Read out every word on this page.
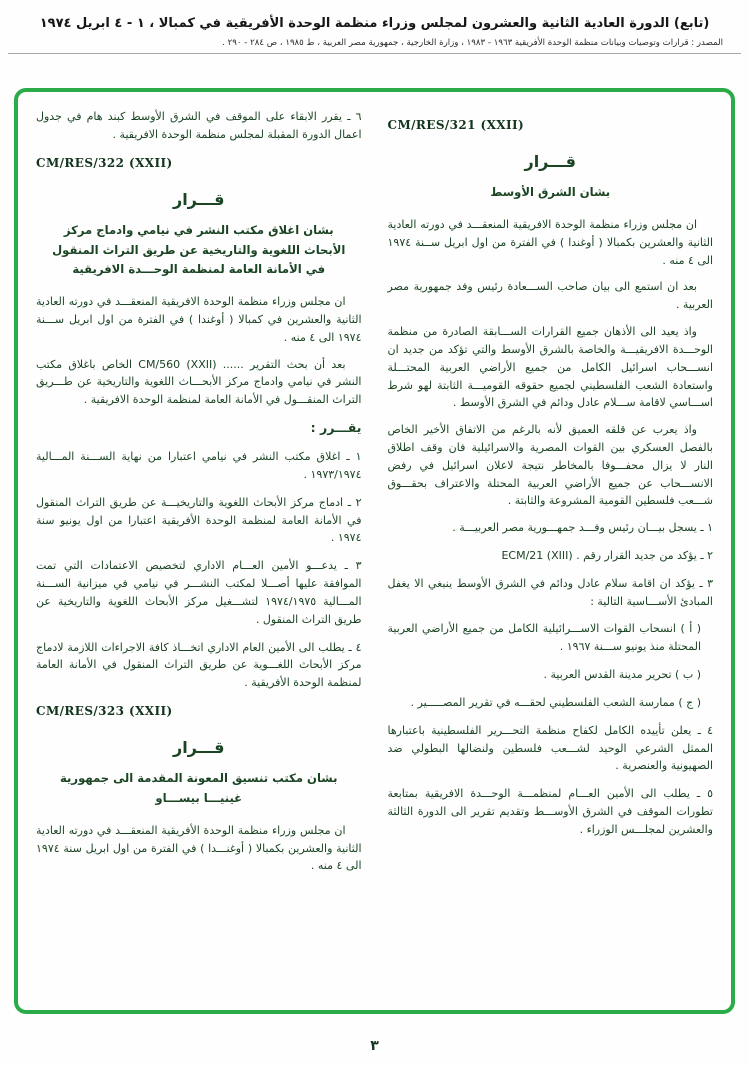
(تابع) الدورة العادية الثانية والعشرون لمجلس وزراء منظمة الوحدة الأفريقية في كمبالا ، ١ - ٤ ابريل ١٩٧٤
المصدر : قرارات وتوصيات وبيانات منظمة الوحدة الأفريقية ١٩٦٣ - ١٩٨٣ ، وزارة الخارجية ، جمهورية مصر العربية ، ط ١٩٨٥ ، ص ٢٨٤ - ٢٩٠ .
CM/RES/321 (XXII)
قـــرار
بشان الشرق الأوسط
ان مجلس وزراء منظمة الوحدة الافريقية المنعقـــد في دورته العادية الثانية والعشرين بكمبالا ( أوغندا ) في الفترة من اول ابريل ســنة ١٩٧٤ الى ٤ منه .
بعد ان استمع الى بيان صاحب الســـعادة رئيس وفد جمهورية مصر العربية .
واذ يعيد الى الأذهان جميع القرارات الســـابقة الصادرة من منظمة الوحـــدة الافريقيـــة والخاصة بالشرق الأوسط والتي تؤكد من جديد ان انســـحاب اسرائيل الكامل من جميع الأراضي العربية المحتـــلة واستعادة الشعب الفلسطيني لجميع حقوقه القوميـــة الثابتة لهو شرط اســـاسي لاقامة ســـلام عادل ودائم في الشرق الأوسط .
واذ يعرب عن قلقه العميق لأنه بالرغم من الاتفاق الأخير الخاص بالفصل العسكري بين القوات المصرية والاسرائيلية فان وقف اطلاق النار لا يزال محفـــوفا بالمخاطر نتيجة لاعلان اسرائيل في رفض الانســـحاب عن جميع الأراضي العربية المحتلة والاعتراف بحقـــوق شـــعب فلسطين القومية المشروعة والثابتة .
١ ـ يسجل بيـــان رئيس وفـــد جمهـــورية مصر العربيـــة .
٢ ـ يؤكد من جديد القرار رقم . ECM/21 (XIII)
٣ ـ يؤكد ان اقامة سلام عادل ودائم في الشرق الأوسط ينبغي الا يغفل المبادئ الأســـاسية التالية :
( أ ) انسحاب القوات الاســـرائيلية الكامل من جميع الأراضي العربية المحتلة منذ يونيو ســـنة ١٩٦٧ .
( ب ) تحرير مدينة القدس العربية .
( ج ) ممارسة الشعب الفلسطيني لحقـــه في تقرير المصـــــير .
٤ ـ يعلن تأييده الكامل لكفاح منظمة التحـــرير الفلسطينية باعتبارها الممثل الشرعي الوحيد لشـــعب فلسطين ولنضالها البطولي ضد الصهيونية والعنصرية .
٥ ـ يطلب الى الأمين العـــام لمنظمـــة الوحـــدة الافريقية بمتابعة تطورات الموقف في الشرق الأوســـط وتقديم تقرير الى الدورة الثالثة والعشرين لمجلـــس الوزراء .
٦ ـ يقرر الابقاء على الموقف في الشرق الأوسط كبند هام في جدول اعمال الدورة المقبلة لمجلس منظمة الوحدة الافريقية .
CM/RES/322 (XXII)
قـــرار
بشان اغلاق مكتب النشر في نيامي وادماج مركز الأبحاث اللغوية والتاريخية عن طريق التراث المنقول في الأمانة العامة لمنظمة الوحـــدة الافريقية
ان مجلس وزراء منظمة الوحدة الافريقية المنعقـــد في دورته العادية الثانية والعشرين في كمبالا ( أوغندا ) في الفترة من اول ابريل ســـنة ١٩٧٤ الى ٤ منه .
بعد أن بحث التقرير ...... CM/560 (XXII) الخاص باغلاق مكتب النشر في نيامي وادماج مركز الأبحـــاث اللغوية والتاريخية عن طـــريق التراث المنقـــول في الأمانة العامة لمنظمة الوحدة الافريقية .
يقـــرر :
١ ـ اغلاق مكتب النشر في نيامي اعتبارا من نهاية الســـنة المـــالية ١٩٧٣/١٩٧٤ .
٢ ـ ادماج مركز الأبحاث اللغوية والتاريخيـــة عن طريق التراث المنقول في الأمانة العامة لمنظمة الوحدة الأفريقية اعتبارا من اول يونيو سنة ١٩٧٤ .
٣ ـ يدعـــو الأمين العـــام الاداري لتخصيص الاعتمادات التي تمت الموافقة عليها أصـــلا لمكتب النشـــر في نيامي في ميزانية الســـنة المـــالية ١٩٧٤/١٩٧٥ لتشـــغيل مركز الأبحاث اللغوية والتاريخية عن طريق التراث المنقول .
٤ ـ يطلب الى الأمين العام الاداري اتخـــاذ كافة الاجراءات اللازمة لادماج مركز الأبحاث اللغـــوية عن طريق التراث المنقول في الأمانة العامة لمنظمة الوحدة الأفريقية .
CM/RES/323 (XXII)
قـــرار
بشان مكتب تنسيق المعونة المقدمة الى جمهورية غينيـــا بيســـاو
ان مجلس وزراء منظمة الوحدة الأفريقية المنعقـــد في دورته العادية الثانية والعشرين بكمبالا ( أوغنـــدا ) في الفترة من اول ابريل سنة ١٩٧٤ الى ٤ منه .
٣
